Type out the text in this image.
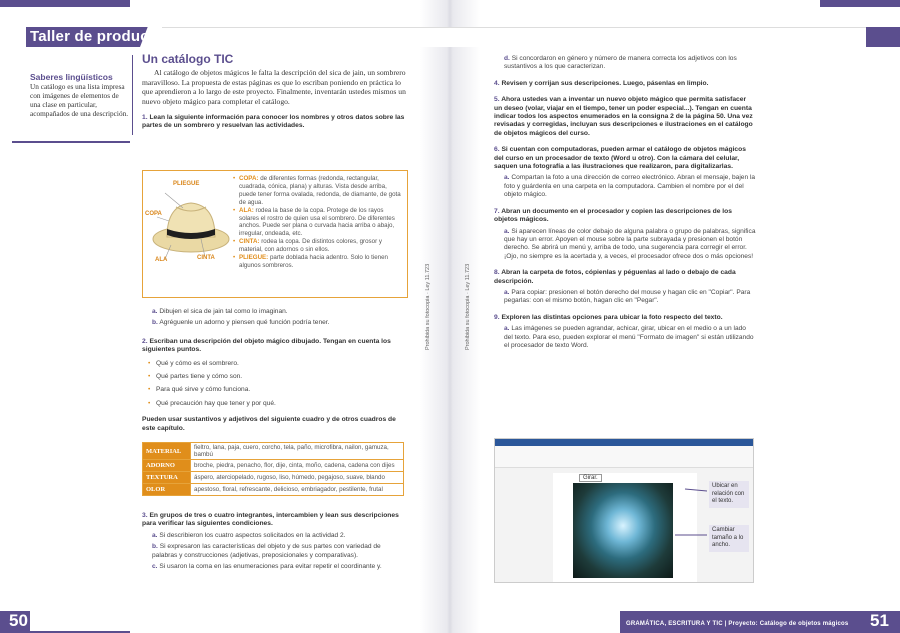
Taller de producción
Saberes lingüísticos

Un catálogo es una lista impresa con imágenes de elementos de una clase en particular, acompañados de una descripción.

Un catálogo TIC

Al catálogo de objetos mágicos le falta la descripción del sica de jain, un sombrero maravilloso. La propuesta de estas páginas es que lo escriban poniendo en práctica lo que aprendieron a lo largo de este proyecto. Finalmente, inventarán ustedes mismos un nuevo objeto mágico para completar el catálogo.

1. Lean la siguiente información para conocer los nombres y otros datos sobre las partes de un sombrero y resuelvan las actividades.

PLIEGUE
COPA
ALA	CINTA
• COPA: de diferentes formas (redonda, rectangular, cuadrada, cónica, plana) y alturas. Vista desde arriba, puede tener forma ovalada, redonda, de diamante, de gota de agua.
• ALA: rodea la base de la copa. Protege de los rayos solares el rostro de quien usa el sombrero. De diferentes anchos. Puede ser plana o curvada hacia arriba o abajo, irregular, ondeada, etc.
• CINTA: rodea la copa. De distintos colores, grosor y material, con adornos o sin ellos.
• PLIEGUE: parte doblada hacia adentro. Solo lo tienen algunos sombreros.

a. Dibujen el sica de jain tal como lo imaginan.

b. Agréguenle un adorno y piensen qué función podría tener.

2. Escriban una descripción del objeto mágico dibujado. Tengan en cuenta los siguientes puntos.

• Qué y cómo es el sombrero.

• Qué partes tiene y cómo son.

• Para qué sirve y cómo funciona.

• Qué precaución hay que tener y por qué.

Pueden usar sustantivos y adjetivos del siguiente cuadro y de otros cuadros de este capítulo.

MATERIAL	fieltro, lana, paja, cuero, corcho, tela, paño, microfibra, nailon, gamuza, bambú
ADORNO	broche, piedra, penacho, flor, dije, cinta, moño, cadena, cadena con dijes
TEXTURA	áspero, aterciopelado, rugoso, liso, húmedo, pegajoso, suave, blando
OLOR	apestoso, floral, refrescante, delicioso, embriagador, pestilente, frutal

3. En grupos de tres o cuatro integrantes, intercambien y lean sus descripciones para verificar las siguientes condiciones.

a. Si describieron los cuatro aspectos solicitados en la actividad 2.

b. Si expresaron las características del objeto y de sus partes con variedad de palabras y construcciones (adjetivas, preposicionales y comparativas).

c. Si usaron la coma en las enumeraciones para evitar repetir el coordinante y.

Prohibida su fotocopia · Ley 11.723	Prohibida su fotocopia · Ley 11.723

d. Si concordaron en género y número de manera correcta los adjetivos con los sustantivos a los que caracterizan.

4. Revisen y corrijan sus descripciones. Luego, pásenlas en limpio.

5. Ahora ustedes van a inventar un nuevo objeto mágico que permita satisfacer un deseo (volar, viajar en el tiempo, tener un poder especial...). Tengan en cuenta indicar todos los aspectos enumerados en la consigna 2 de la página 50. Una vez revisadas y corregidas, incluyan sus descripciones e ilustraciones en el catálogo de objetos mágicos del curso.

6. Si cuentan con computadoras, pueden armar el catálogo de objetos mágicos del curso en un procesador de texto (Word u otro). Con la cámara del celular, saquen una fotografía a las ilustraciones que realizaron, para digitalizarlas.

a. Compartan la foto a una dirección de correo electrónico. Abran el mensaje, bajen la foto y guárdenla en una carpeta en la computadora. Cambien el nombre por el del objeto mágico.

7. Abran un documento en el procesador y copien las descripciones de los objetos mágicos.

a. Si aparecen líneas de color debajo de alguna palabra o grupo de palabras, significa que hay un error. Apoyen el mouse sobre la parte subrayada y presionen el botón derecho. Se abrirá un menú y, arriba de todo, una sugerencia para corregir el error. ¡Ojo, no siempre es la acertada y, a veces, el procesador ofrece dos o más opciones!

8. Abran la carpeta de fotos, cópienlas y péguenlas al lado o debajo de cada descripción.

a. Para copiar: presionen el botón derecho del mouse y hagan clic en "Copiar". Para pegarlas: con el mismo botón, hagan clic en "Pegar".

9. Exploren las distintas opciones para ubicar la foto respecto del texto.

a. Las imágenes se pueden agrandar, achicar, girar, ubicar en el medio o a un lado del texto. Para eso, pueden explorar el menú "Formato de imagen" si están utilizando el procesador de texto Word.

Girar.
Ubicar en relación con el texto.
Cambiar tamaño a lo ancho.
50	51
GRAMÁTICA, ESCRITURA Y TIC | Proyecto: Catálogo de objetos mágicos
